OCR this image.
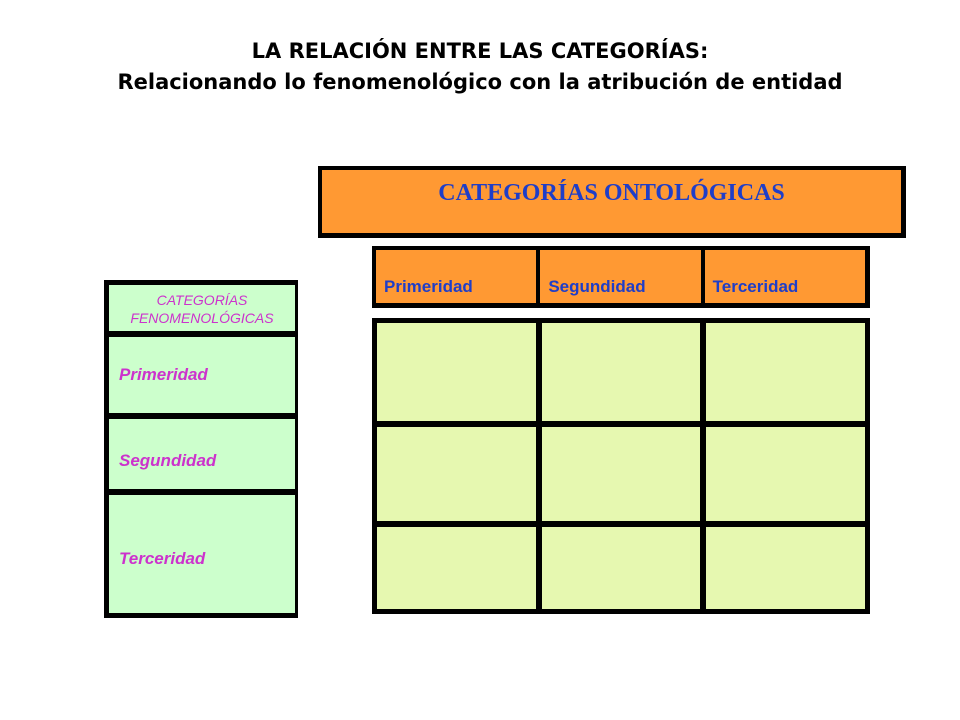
LA RELACIÓN ENTRE LAS CATEGORÍAS:
Relacionando lo fenomenológico con la atribución de entidad
CATEGORÍAS ONTOLÓGICAS
Primeridad	Segundidad	Terceridad
CATEGORÍAS
FENOMENOLÓGICAS
Primeridad
Segundidad
Terceridad
